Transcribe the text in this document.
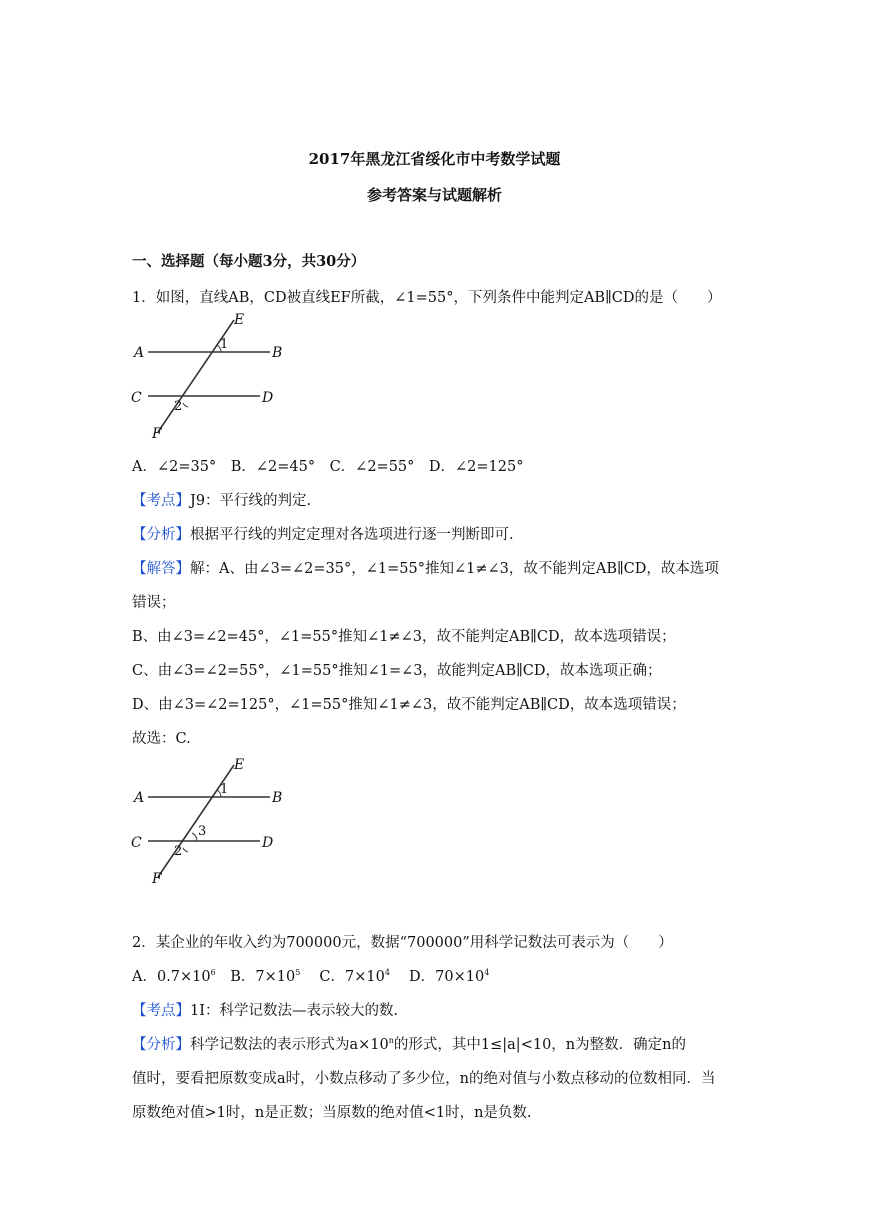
2017年黑龙江省绥化市中考数学试题
参考答案与试题解析
一、选择题（每小题3分，共30分）
1．如图，直线AB，CD被直线EF所截，∠1=55°，下列条件中能判定AB∥CD的是（　　）
A	B
C	D
E
F
1
2
A．∠2=35°　B．∠2=45°　C．∠2=55°　D．∠2=125°
【考点】J9：平行线的判定.
【分析】根据平行线的判定定理对各选项进行逐一判断即可.
【解答】解：A、由∠3=∠2=35°，∠1=55°推知∠1≠∠3，故不能判定AB∥CD，故本选项
错误；
B、由∠3=∠2=45°，∠1=55°推知∠1≠∠3，故不能判定AB∥CD，故本选项错误；
C、由∠3=∠2=55°，∠1=55°推知∠1=∠3，故能判定AB∥CD，故本选项正确；
D、由∠3=∠2=125°，∠1=55°推知∠1≠∠3，故不能判定AB∥CD，故本选项错误；
故选：C.
A	B
C	D
E
F
1
2
3
2．某企业的年收入约为700000元，数据“700000”用科学记数法可表示为（　　）
A．$0.7\times 10^6$　B．$7\times 10^5$　 C．$7\times 10^4$　 D．$70\times 10^4$
【考点】1I：科学记数法—表示较大的数.
【分析】科学记数法的表示形式为$a\times 10^n$的形式，其中1≤|a|<10，n为整数．确定n的
值时，要看把原数变成a时，小数点移动了多少位，n的绝对值与小数点移动的位数相同．当
原数绝对值>1时，n是正数；当原数的绝对值<1时，n是负数.
